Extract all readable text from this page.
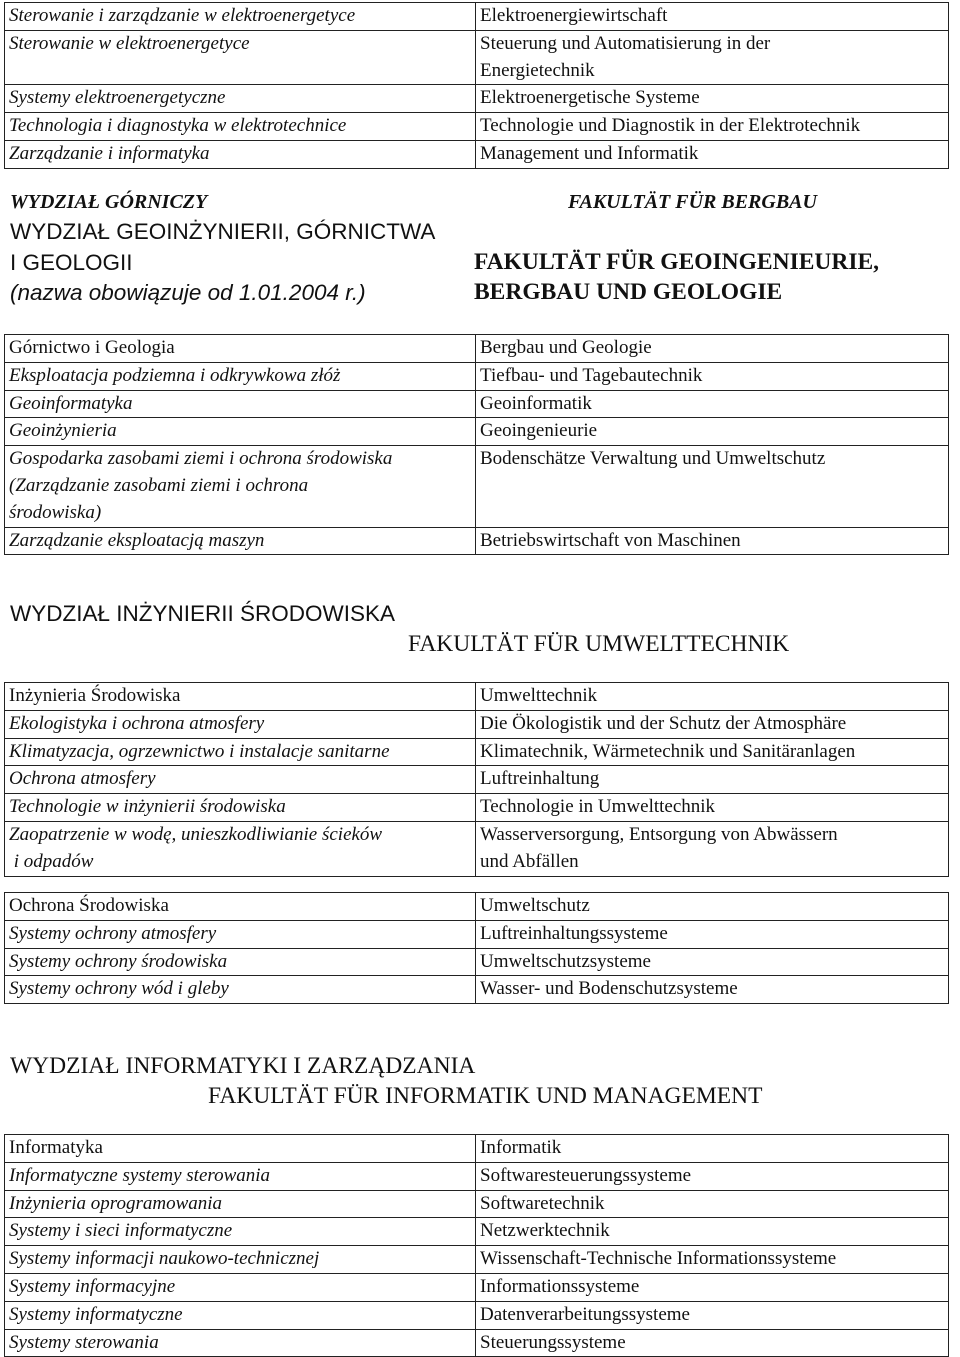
Sterowanie i zarządzanie w elektroenergetyce	Elektroenergiewirtschaft
Sterowanie w elektroenergetyce	Steuerung und Automatisierung in der
Energietechnik

Systemy elektroenergetyczne	Elektroenergetische Systeme
Technologia i diagnostyka w elektrotechnice	Technologie und Diagnostik in der Elektrotechnik
Zarządzanie i informatyka	Management und Informatik
WYDZIAŁ GÓRNICZY	FAKULTÄT FÜR BERGBAU
WYDZIAŁ GEOINŻYNIERII, GÓRNICTWA
I GEOLOGII	FAKULTÄT FÜR GEOINGENIEURIE,
(nazwa obowiązuje od 1.01.2004 r.)	BERGBAU UND GEOLOGIE
Górnictwo i Geologia	Bergbau und Geologie
Eksploatacja podziemna i odkrywkowa złóż	Tiefbau- und Tagebautechnik
Geoinformatyka	Geoinformatik
Geoinżynieria	Geoingenieurie

Gospodarka zasobami ziemi i ochrona środowiska
(Zarządzanie zasobami ziemi i ochrona
środowiska)	Bodenschätze Verwaltung und Umweltschutz
Zarządzanie eksploatacją maszyn	Betriebswirtschaft von Maschinen
WYDZIAŁ INŻYNIERII ŚRODOWISKA
FAKULTÄT FÜR UMWELTTECHNIK
Inżynieria Środowiska	Umwelttechnik
Ekologistyka i ochrona atmosfery	Die Ökologistik und der Schutz der Atmosphäre
Klimatyzacja, ogrzewnictwo i instalacje sanitarne	Klimatechnik, Wärmetechnik und Sanitäranlagen
Ochrona atmosfery	Luftreinhaltung
Technologie w inżynierii środowiska	Technologie in Umwelttechnik

Zaopatrzenie w wodę, unieszkodliwianie ścieków
i odpadów	Wasserversorgung, Entsorgung von Abwässern
und Abfällen
Ochrona Środowiska	Umweltschutz
Systemy ochrony atmosfery	Luftreinhaltungssysteme
Systemy ochrony środowiska	Umweltschutzsysteme
Systemy ochrony wód i gleby	Wasser- und Bodenschutzsysteme
WYDZIAŁ INFORMATYKI I ZARZĄDZANIA
FAKULTÄT FÜR INFORMATIK UND MANAGEMENT
Informatyka	Informatik
Informatyczne systemy sterowania	Softwaresteuerungssysteme
Inżynieria oprogramowania	Softwaretechnik
Systemy i sieci informatyczne	Netzwerktechnik
Systemy informacji naukowo-technicznej	Wissenschaft-Technische Informationssysteme
Systemy informacyjne	Informationssysteme
Systemy informatyczne	Datenverarbeitungssysteme
Systemy sterowania	Steuerungssysteme
